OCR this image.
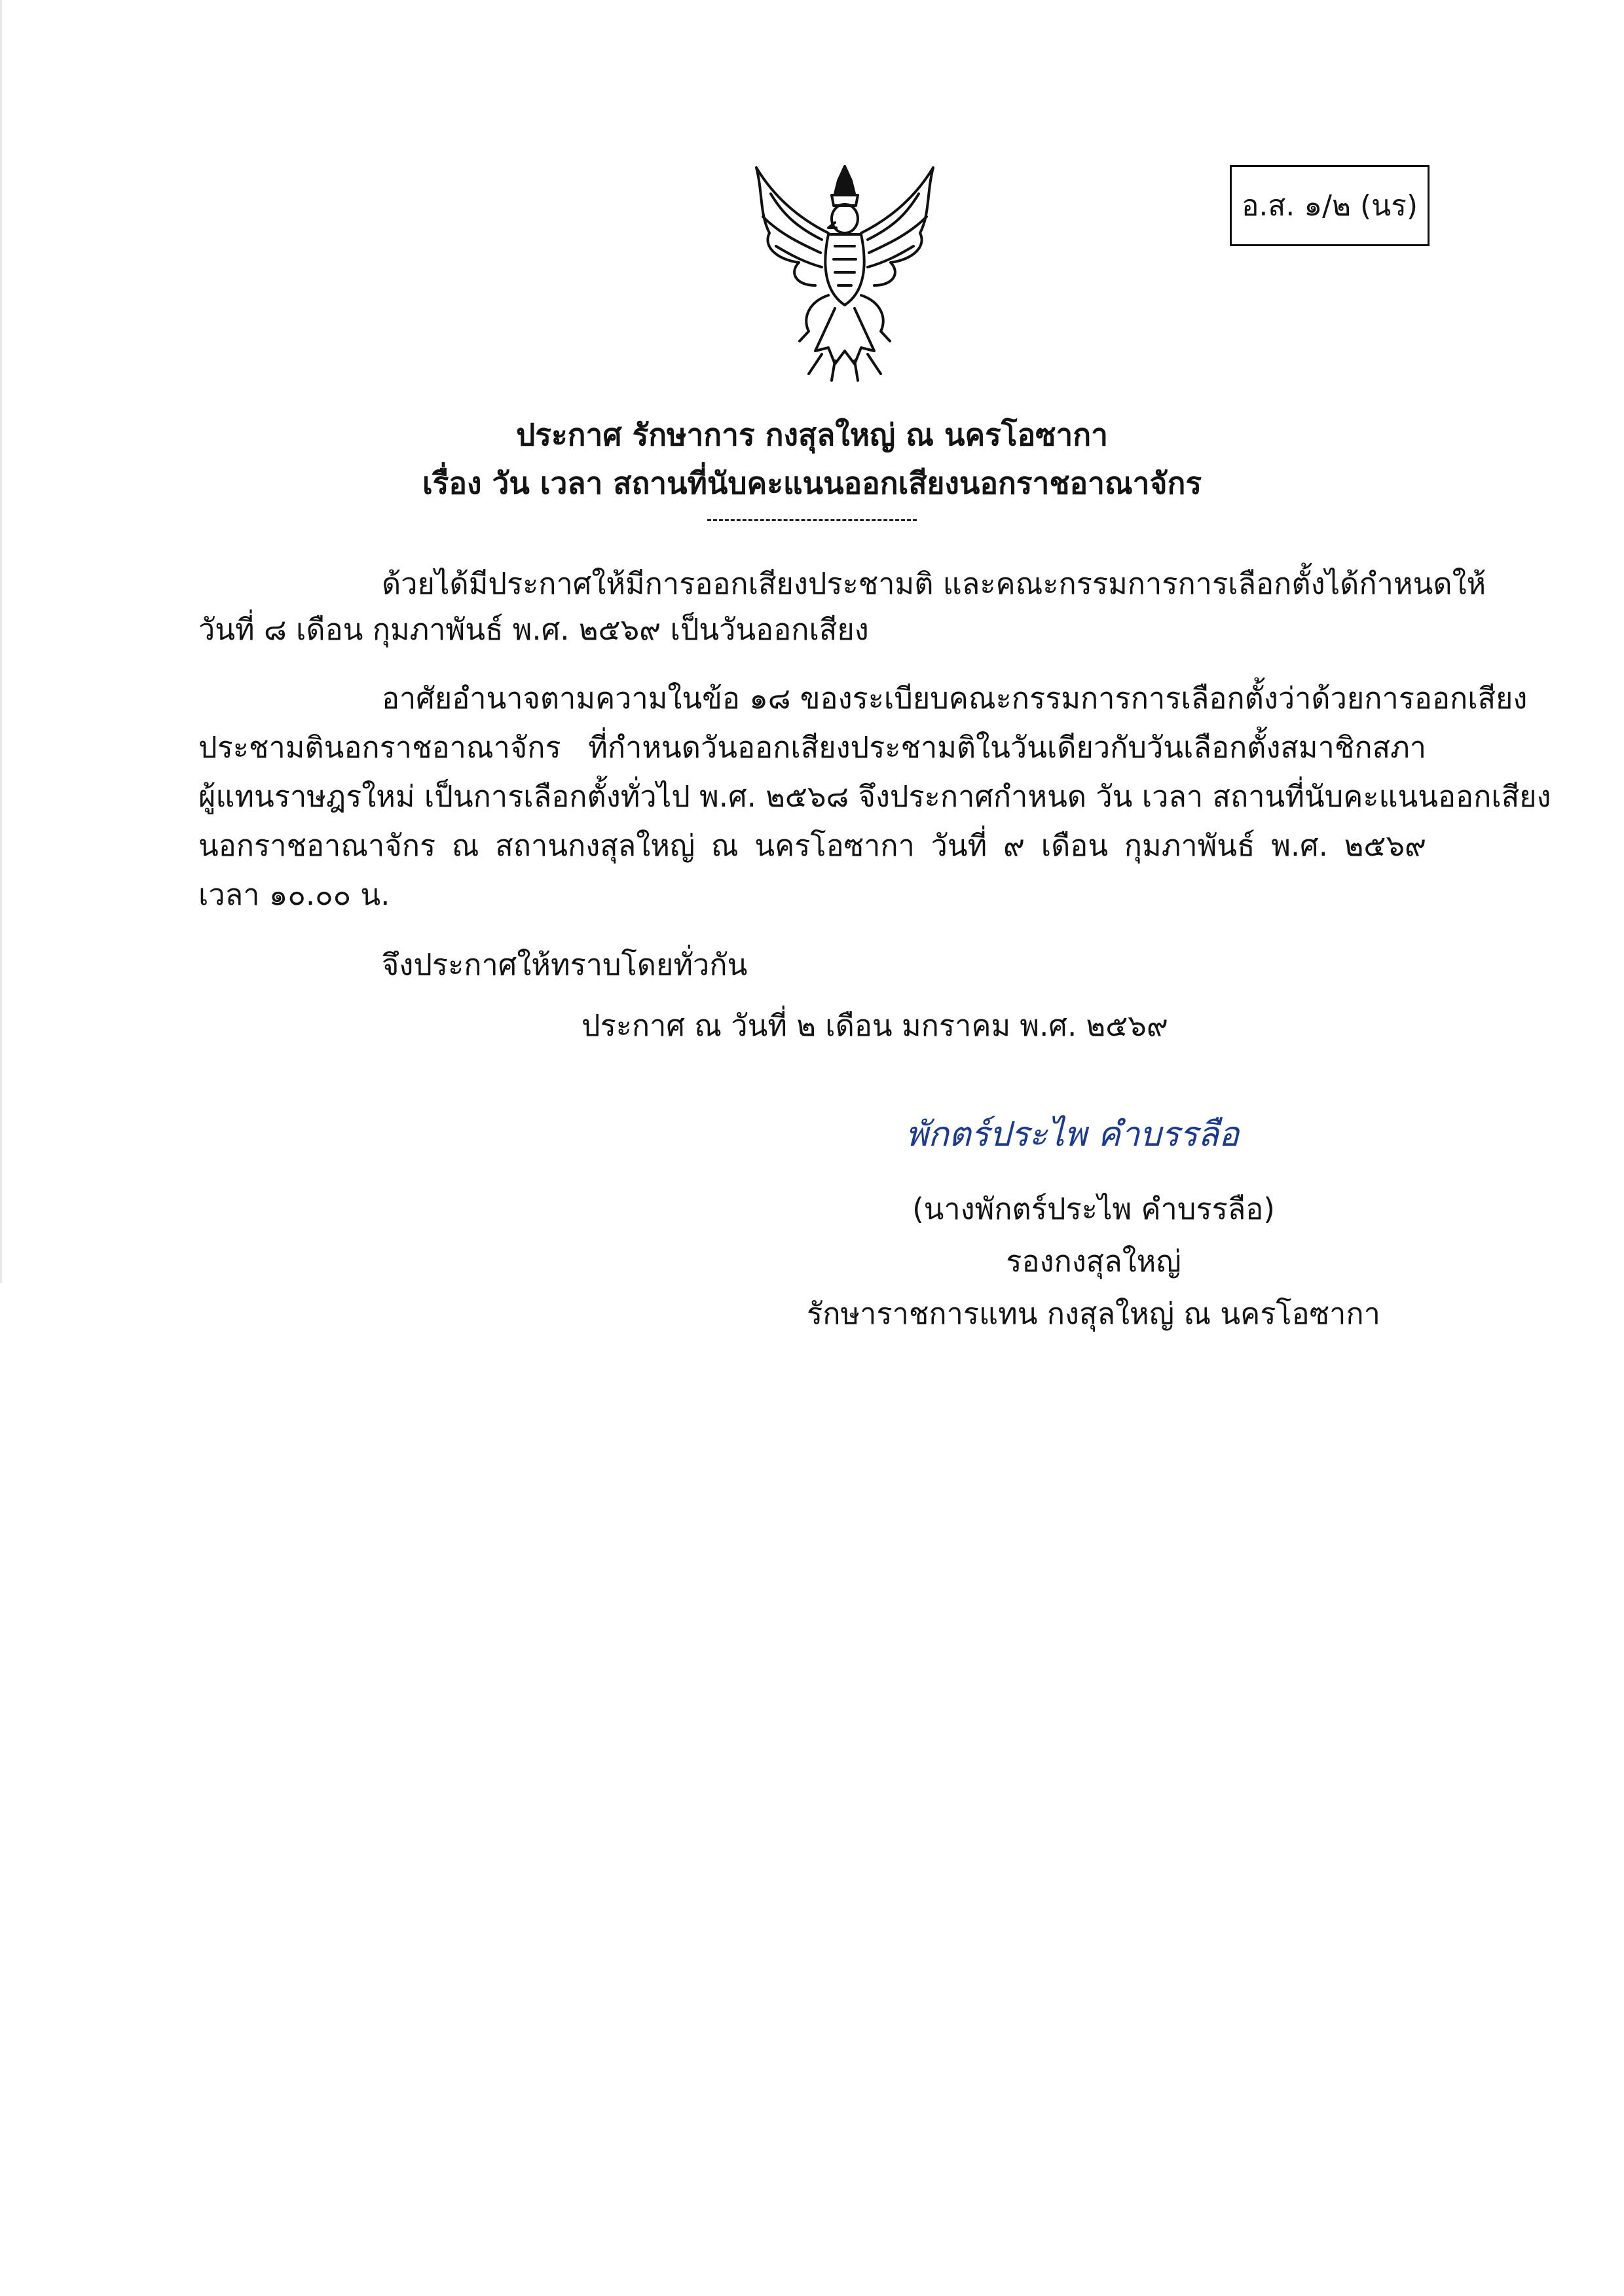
อ.ส. ๑/๒ (นร)
ประกาศ รักษาการ กงสุลใหญ่ ณ นครโอซากา
เรื่อง วัน เวลา สถานที่นับคะแนนออกเสียงนอกราชอาณาจักร
ด้วยได้มีประกาศให้มีการออกเสียงประชามติ และคณะกรรมการการเลือกตั้งได้กำหนดให้
วันที่ ๘ เดือน กุมภาพันธ์ พ.ศ. ๒๕๖๙ เป็นวันออกเสียง
อาศัยอำนาจตามความในข้อ ๑๘ ของระเบียบคณะกรรมการการเลือกตั้งว่าด้วยการออกเสียง
ประชามตินอกราชอาณาจักร ที่กำหนดวันออกเสียงประชามติในวันเดียวกับวันเลือกตั้งสมาชิกสภา
ผู้แทนราษฎรใหม่ เป็นการเลือกตั้งทั่วไป พ.ศ. ๒๕๖๘ จึงประกาศกำหนด วัน เวลา สถานที่นับคะแนนออกเสียง
นอกราชอาณาจักร ณ สถานกงสุลใหญ่ ณ นครโอซากา วันที่ ๙ เดือน กุมภาพันธ์ พ.ศ. ๒๕๖๙
เวลา ๑๐.๐๐ น.
จึงประกาศให้ทราบโดยทั่วกัน
ประกาศ ณ วันที่ ๒ เดือน มกราคม พ.ศ. ๒๕๖๙
พักตร์ประไพ คำบรรลือ
(นางพักตร์ประไพ คำบรรลือ)
รองกงสุลใหญ่
รักษาราชการแทน กงสุลใหญ่ ณ นครโอซากา
